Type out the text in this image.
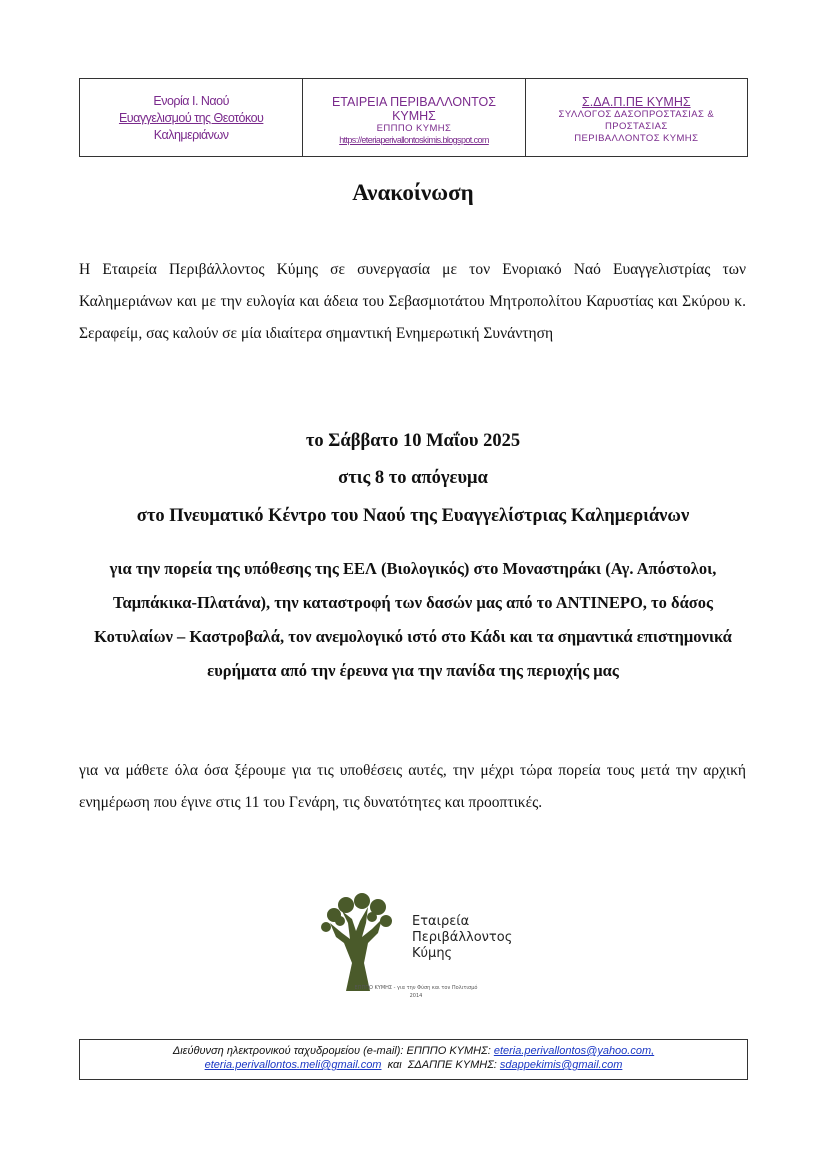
Ενορία Ι. Ναού
Ευαγγελισμού της Θεοτόκου
Καλημεριάνων
ΕΤΑΙΡΕΙΑ ΠΕΡΙΒΑΛΛΟΝΤΟΣ
ΚΥΜΗΣ
ΕΠΠΠΟ ΚΥΜΗΣ
https://eteriaperivallontoskimis.blogspot.com
Σ.ΔΑ.Π.ΠΕ ΚΥΜΗΣ
ΣΥΛΛΟΓΟΣ ΔΑΣΟΠΡΟΣΤΑΣΙΑΣ &
ΠΡΟΣΤΑΣΙΑΣ
ΠΕΡΙΒΑΛΛΟΝΤΟΣ ΚΥΜΗΣ
Ανακοίνωση
Η Εταιρεία Περιβάλλοντος Κύμης σε συνεργασία με τον Ενοριακό Ναό Ευαγγελιστρίας των Καλημεριάνων και με την ευλογία και άδεια του Σεβασμιοτάτου Μητροπολίτου Καρυστίας και Σκύρου κ. Σεραφείμ, σας καλούν σε μία ιδιαίτερα σημαντική Ενημερωτική Συνάντηση
το Σάββατο 10 Μαΐου 2025
στις 8 το απόγευμα
στο Πνευματικό Κέντρο του Ναού της Ευαγγελίστριας Καλημεριάνων
για την πορεία της υπόθεσης της ΕΕΛ (Βιολογικός) στο Μοναστηράκι (Αγ. Απόστολοι, Ταμπάκικα-Πλατάνα), την καταστροφή των δασών μας από το ΑΝΤΙΝΕΡΟ, το δάσος Κοτυλαίων – Καστροβαλά, τον ανεμολογικό ιστό στο Κάδι και τα σημαντικά επιστημονικά ευρήματα από την έρευνα για την πανίδα της περιοχής μας
για να μάθετε όλα όσα ξέρουμε για τις υποθέσεις αυτές, την μέχρι τώρα πορεία τους μετά την αρχική ενημέρωση που έγινε στις 11 του Γενάρη, τις δυνατότητες και προοπτικές.
Εταιρεία
Περιβάλλοντος
Κύμης
ΕΠΠΠΟ ΚΥΜΗΣ - για την Φύση και τον Πολιτισμό
2014
Διεύθυνση ηλεκτρονικού ταχυδρομείου (e-mail): ΕΠΠΠΟ ΚΥΜΗΣ: eteria.perivallontos@yahoo.com,
eteria.perivallontos.meli@gmail.com  και  ΣΔΑΠΠΕ ΚΥΜΗΣ: sdappekimis@gmail.com
